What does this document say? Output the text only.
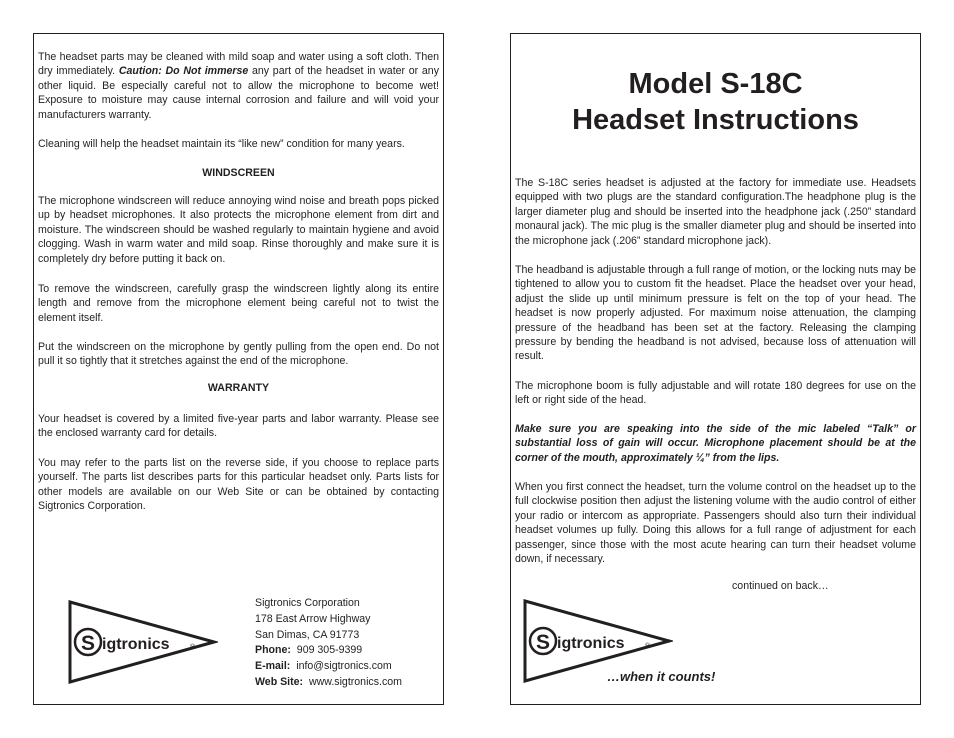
The headset parts may be cleaned with mild soap and water using a soft cloth. Then dry immediately. Caution: Do Not immerse any part of the headset in water or any other liquid. Be especially careful not to allow the microphone to become wet! Exposure to moisture may cause internal corrosion and failure and will void your manufacturers warranty.

Cleaning will help the headset maintain its “like new” condition for many years.

WINDSCREEN

The microphone windscreen will reduce annoying wind noise and breath pops picked up by headset microphones. It also protects the microphone element from dirt and moisture. The windscreen should be washed regularly to maintain hygiene and avoid clogging. Wash in warm water and mild soap. Rinse thoroughly and make sure it is completely dry before putting it back on.

To remove the windscreen, carefully grasp the windscreen lightly along its entire length and remove from the microphone element being careful not to twist the element itself.

Put the windscreen on the microphone by gently pulling from the open end. Do not pull it so tightly that it stretches against the end of the microphone.

WARRANTY

Your headset is covered by a limited five-year parts and labor warranty. Please see the enclosed warranty card for details.

You may refer to the parts list on the reverse side, if you choose to replace parts yourself. The parts list describes parts for this particular headset only. Parts lists for other models are available on our Web Site or can be obtained by contacting Sigtronics Corporation.

S igtronics	®
Sigtronics Corporation
178 East Arrow Highway
San Dimas, CA 91773
Phone: 909 305-9399
E-mail: info@sigtronics.com
Web Site: www.sigtronics.com

Model S-18C

Headset Instructions

The S-18C series headset is adjusted at the factory for immediate use. Headsets equipped with two plugs are the standard configuration.The headphone plug is the larger diameter plug and should be inserted into the headphone jack (.250” standard monaural jack). The mic plug is the smaller diameter plug and should be inserted into the microphone jack (.206” standard microphone jack).

The headband is adjustable through a full range of motion, or the locking nuts may be tightened to allow you to custom fit the headset. Place the headset over your head, adjust the slide up until minimum pressure is felt on the top of your head. The headset is now properly adjusted. For maximum noise attenuation, the clamping pressure of the headband has been set at the factory. Releasing the clamping pressure by bending the headband is not advised, because loss of attenuation will result.

The microphone boom is fully adjustable and will rotate 180 degrees for use on the left or right side of the head.

Make sure you are speaking into the side of the mic labeled “Talk” or substantial loss of gain will occur. Microphone placement should be at the corner of the mouth, approximately ¼” from the lips.

When you first connect the headset, turn the volume control on the headset up to the full clockwise position then adjust the listening volume with the audio control of either your radio or intercom as appropriate. Passengers should also turn their individual headset volumes up fully. Doing this allows for a full range of adjustment for each passenger, since those with the most acute hearing can turn their headset volume down, if necessary.

continued on back…
S igtronics	®
…when it counts!
